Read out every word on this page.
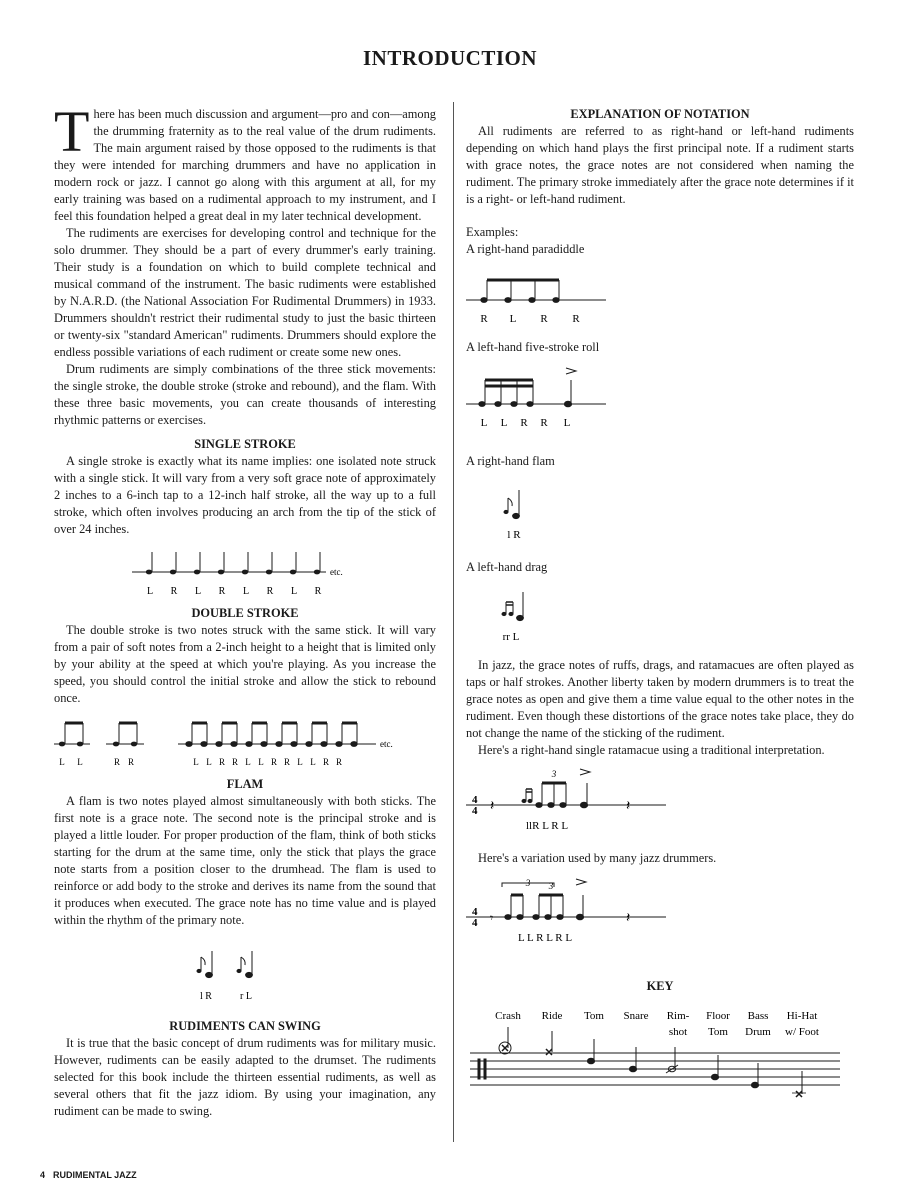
INTRODUCTION

There has been much discussion and argument—pro and con—among the drumming fraternity as to the real value of the drum rudiments. The main argument raised by those opposed to the rudiments is that they were intended for marching drummers and have no application in modern rock or jazz. I cannot go along with this argument at all, for my early training was based on a rudimental approach to my instrument, and I feel this foundation helped a great deal in my later technical development.

The rudiments are exercises for developing control and technique for the solo drummer. They should be a part of every drummer's early training. Their study is a foundation on which to build complete technical and musical command of the instrument. The basic rudiments were established by N.A.R.D. (the National Association For Rudimental Drummers) in 1933. Drummers shouldn't restrict their rudimental study to just the basic thirteen or twenty-six "standard American" rudiments. Drummers should explore the endless possible variations of each rudiment or create some new ones.

Drum rudiments are simply combinations of the three stick movements: the single stroke, the double stroke (stroke and rebound), and the flam. With these three basic movements, you can create thousands of interesting rhythmic patterns or exercises.

SINGLE STROKE

A single stroke is exactly what its name implies: one isolated note struck with a single stick. It will vary from a very soft grace note of approximately 2 inches to a 6-inch tap to a 12-inch half stroke, all the way up to a full stroke, which often involves producing an arch from the tip of the stick of over 24 inches.

etc.
L R L R L R L R
DOUBLE STROKE

The double stroke is two notes struck with the same stick. It will vary from a pair of soft notes from a 2-inch height to a height that is limited only by your ability at the speed at which you're playing. As you increase the speed, you should control the initial stroke and allow the stick to rebound once.

etc.
L L	R R	L L R R L L R R L L R R
FLAM

A flam is two notes played almost simultaneously with both sticks. The first note is a grace note. The second note is the principal stroke and is played a little louder. For proper production of the flam, think of both sticks starting for the drum at the same time, only the stick that plays the grace note starts from a position closer to the drumhead. The flam is used to reinforce or add body to the stroke and derives its name from the sound that it produces when executed. The grace note has no time value and is played within the rhythm of the primary note.

l R	r L
RUDIMENTS CAN SWING

It is true that the basic concept of drum rudiments was for military music. However, rudiments can be easily adapted to the drumset. The rudiments selected for this book include the thirteen essential rudiments, as well as several others that fit the jazz idiom. By using your imagination, any rudiment can be made to swing.

EXPLANATION OF NOTATION

All rudiments are referred to as right-hand or left-hand rudiments depending on which hand plays the first principal note. If a rudiment starts with grace notes, the grace notes are not considered when naming the rudiment. The primary stroke immediately after the grace note determines if it is a right- or left-hand rudiment.

Examples:
A right-hand paradiddle
R L R R
A left-hand five-stroke roll
L L R R L
A right-hand flam
l R
A left-hand drag
rr L

In jazz, the grace notes of ruffs, drags, and ratamacues are often played as taps or half strokes. Another liberty taken by modern drummers is to treat the grace notes as open and give them a time value equal to the other notes in the rudiment. Even though these distortions of the grace notes take place, they do not change the name of the sticking of the rudiment.

Here's a right-hand single ratamacue using a traditional interpretation.

4
4 𝄽
3
𝄽
llR L R L

Here's a variation used by many jazz drummers.

4
4 𝄾
3 3
𝄽
L L R L R L
KEY
Crash Ride Tom Snare Rim-
shot
Floor
Tom
Bass
Drum
Hi-Hat
w/ Foot
4 RUDIMENTAL JAZZ
